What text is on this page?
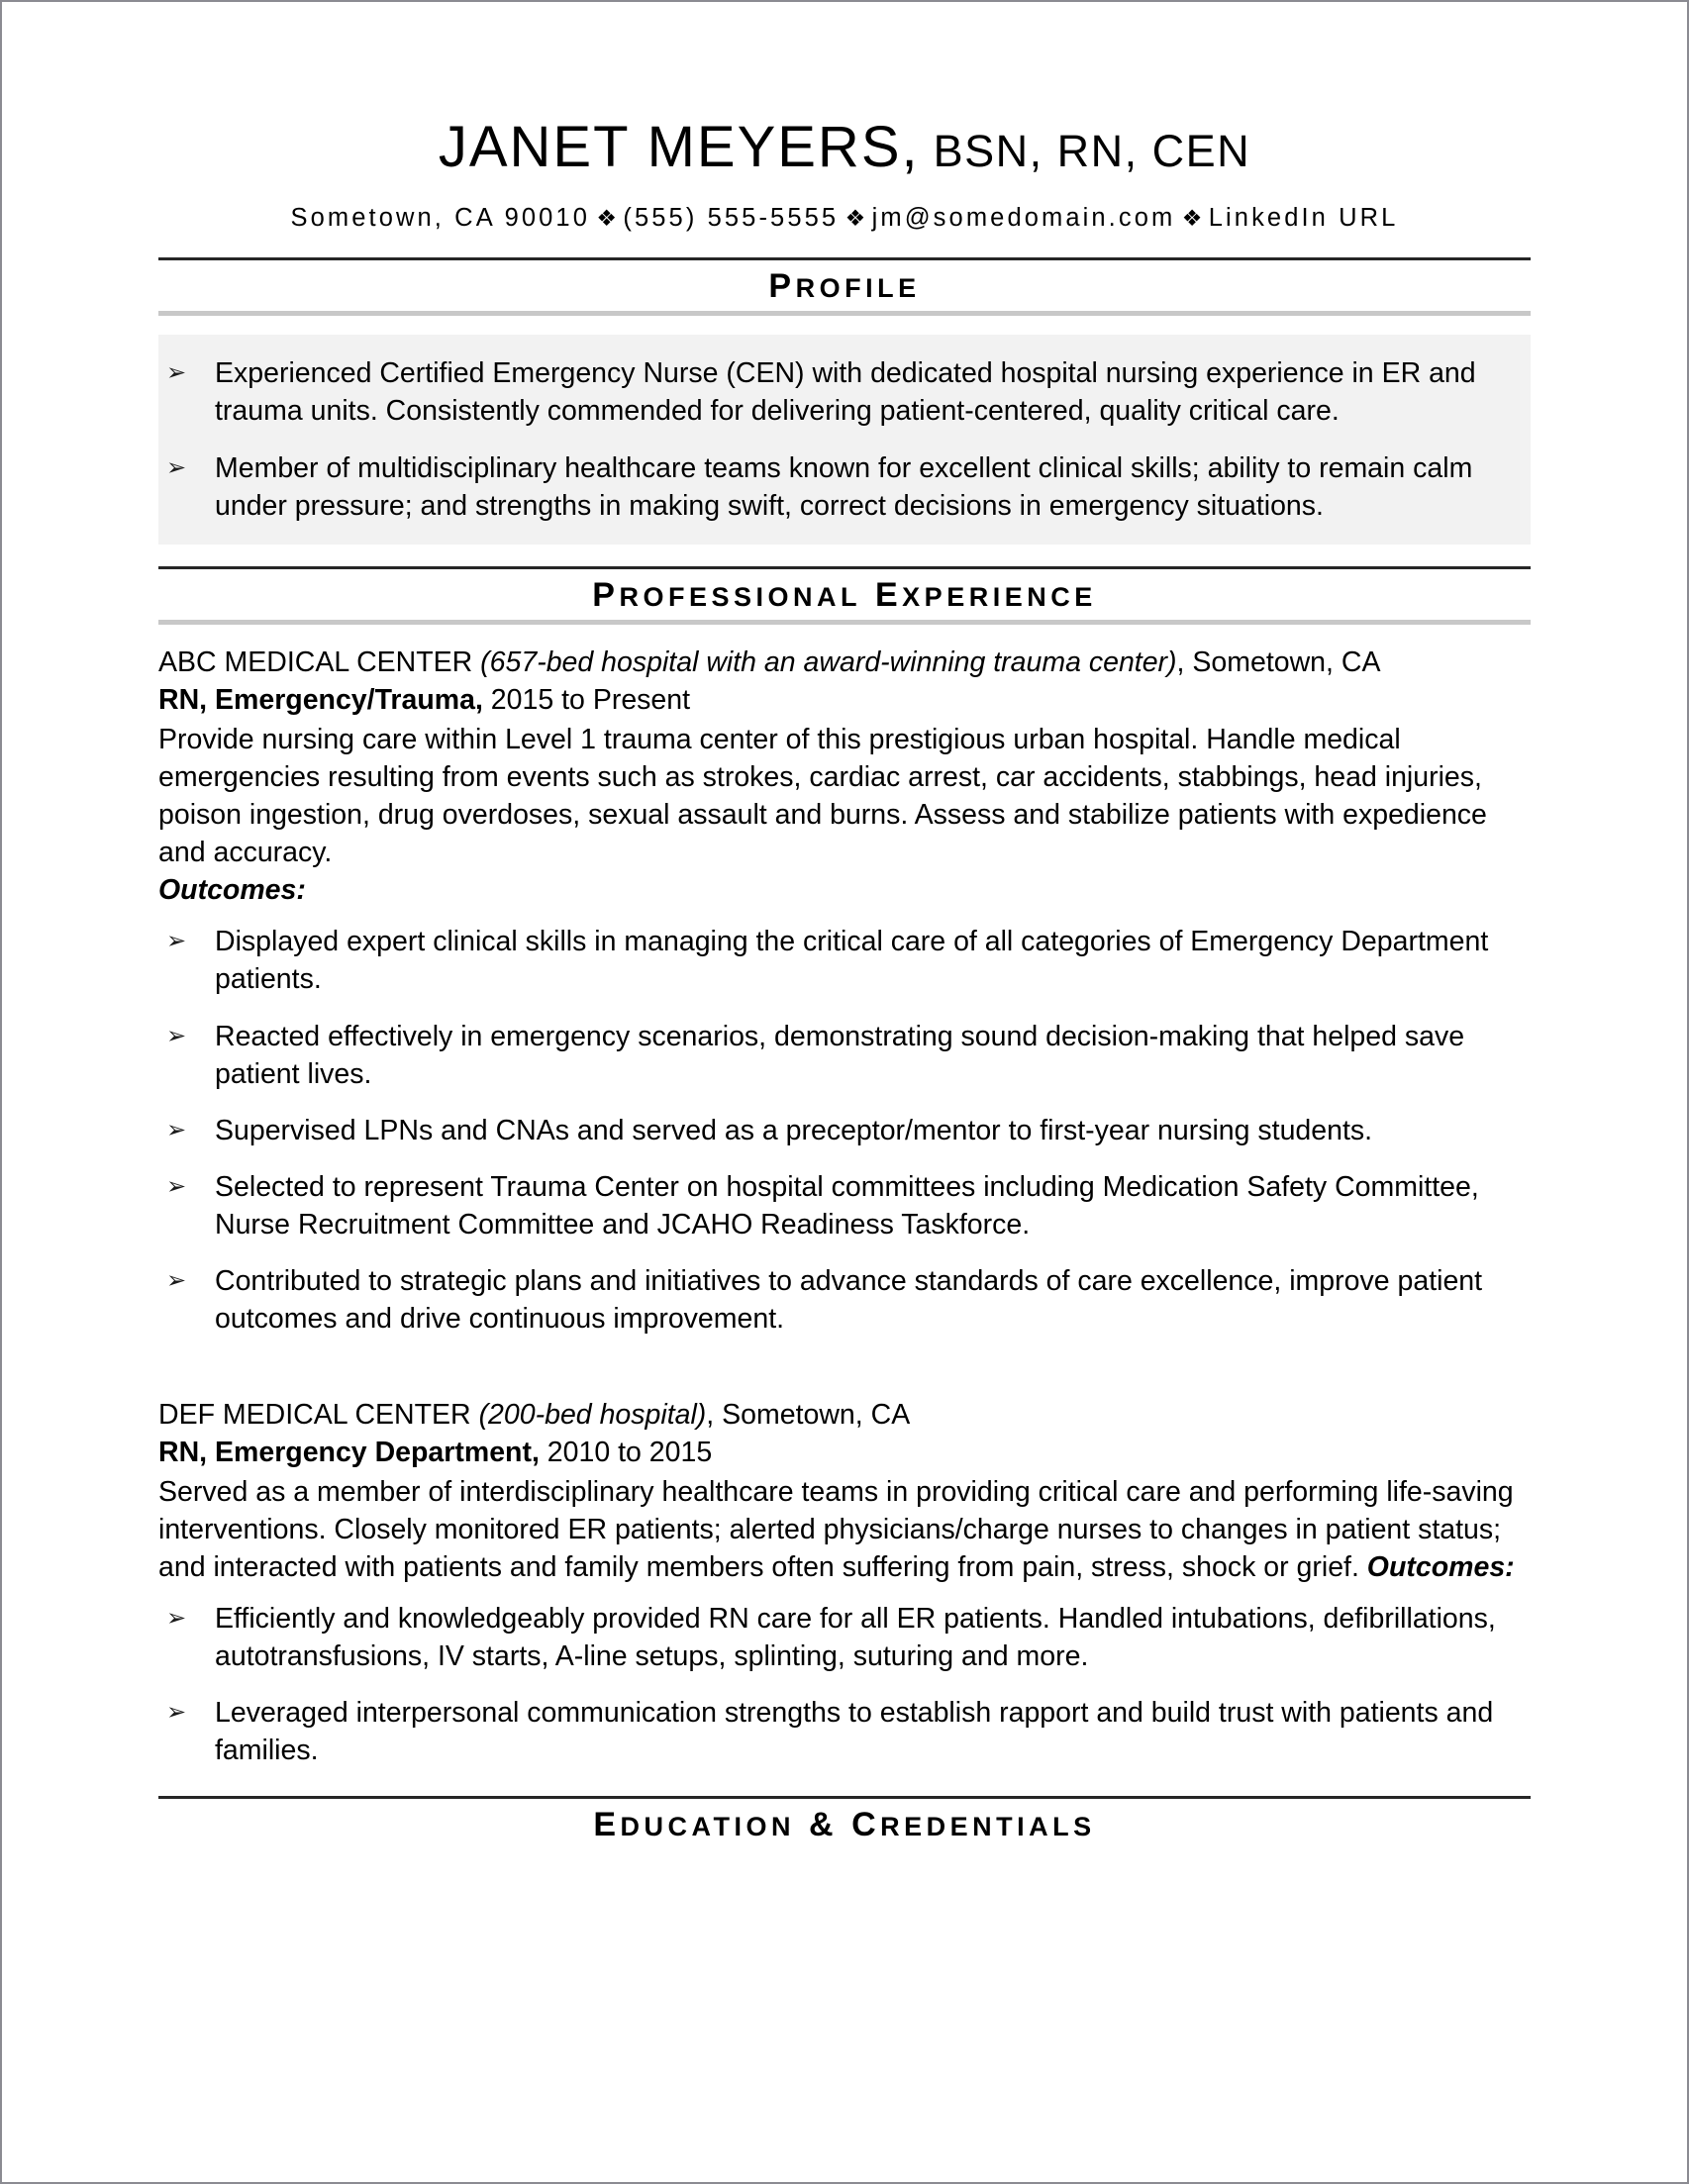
JANET MEYERS, BSN, RN, CEN
Sometown, CA 90010 ❖ (555) 555-5555 ❖ jm@somedomain.com ❖ LinkedIn URL
PROFILE
➢	Experienced Certified Emergency Nurse (CEN) with dedicated hospital nursing experience in ER and trauma units. Consistently commended for delivering patient-centered, quality critical care.
➢	Member of multidisciplinary healthcare teams known for excellent clinical skills; ability to remain calm under pressure; and strengths in making swift, correct decisions in emergency situations.
PROFESSIONAL EXPERIENCE
ABC MEDICAL CENTER (657-bed hospital with an award-winning trauma center), Sometown, CA
RN, Emergency/Trauma, 2015 to Present
Provide nursing care within Level 1 trauma center of this prestigious urban hospital. Handle medical emergencies resulting from events such as strokes, cardiac arrest, car accidents, stabbings, head injuries, poison ingestion, drug overdoses, sexual assault and burns. Assess and stabilize patients with expedience and accuracy.
Outcomes:
➢	Displayed expert clinical skills in managing the critical care of all categories of Emergency Department patients.
➢	Reacted effectively in emergency scenarios, demonstrating sound decision-making that helped save patient lives.
➢	Supervised LPNs and CNAs and served as a preceptor/mentor to first-year nursing students.
➢	Selected to represent Trauma Center on hospital committees including Medication Safety Committee, Nurse Recruitment Committee and JCAHO Readiness Taskforce.
➢	Contributed to strategic plans and initiatives to advance standards of care excellence, improve patient outcomes and drive continuous improvement.
DEF MEDICAL CENTER (200-bed hospital), Sometown, CA
RN, Emergency Department, 2010 to 2015
Served as a member of interdisciplinary healthcare teams in providing critical care and performing life-saving interventions. Closely monitored ER patients; alerted physicians/charge nurses to changes in patient status; and interacted with patients and family members often suffering from pain, stress, shock or grief. Outcomes:
➢	Efficiently and knowledgeably provided RN care for all ER patients. Handled intubations, defibrillations, autotransfusions, IV starts, A-line setups, splinting, suturing and more.
➢	Leveraged interpersonal communication strengths to establish rapport and build trust with patients and families.
EDUCATION & CREDENTIALS
